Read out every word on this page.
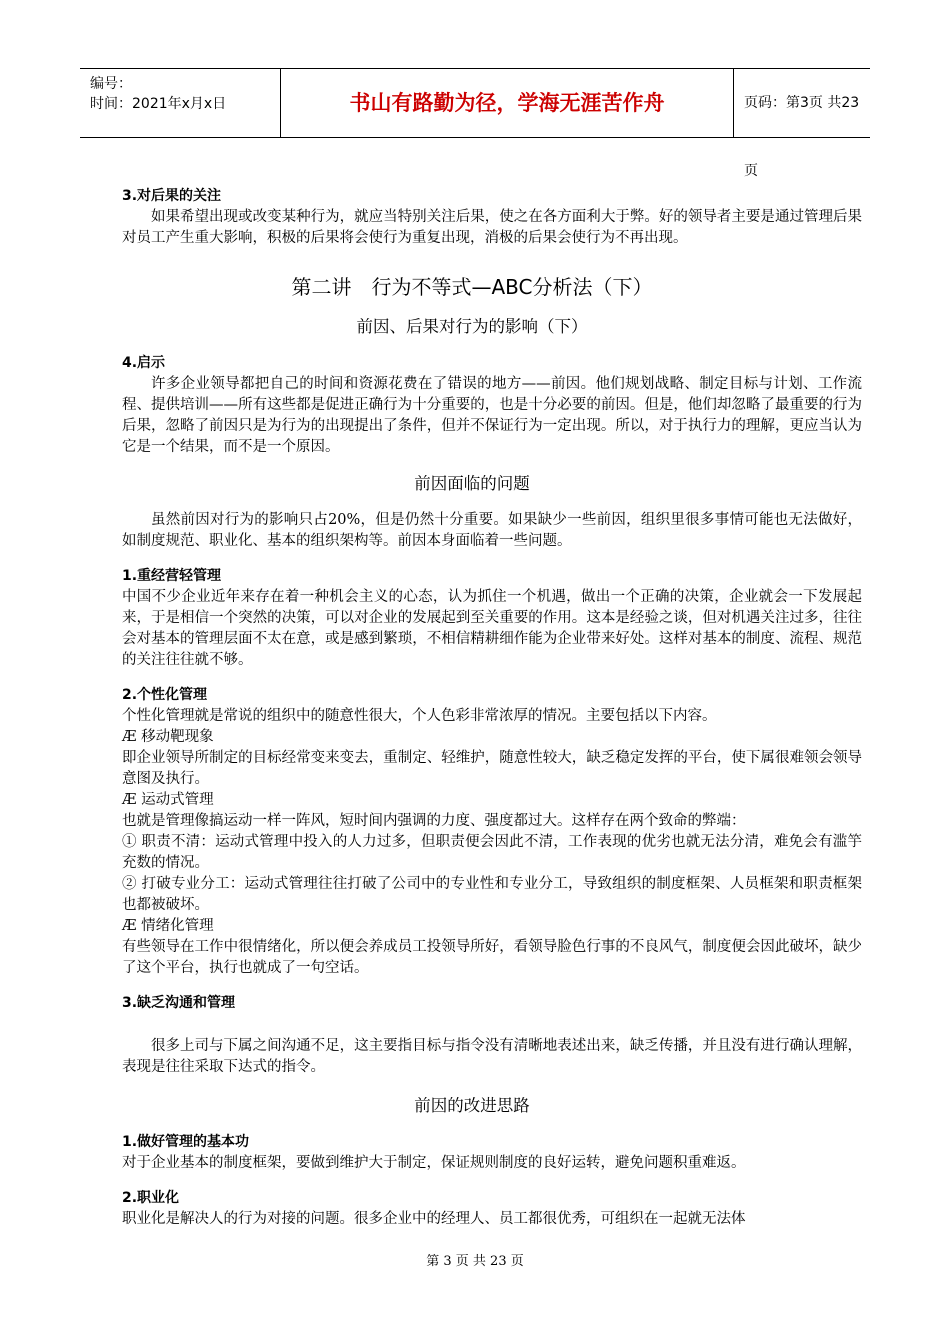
编号：
时间：2021年x月x日	书山有路勤为径，学海无涯苦作舟	页码：第3页 共23页

3.对后果的关注

如果希望出现或改变某种行为，就应当特别关注后果，使之在各方面利大于弊。好的领导者主要是通过管理后果对员工产生重大影响，积极的后果将会使行为重复出现，消极的后果会使行为不再出现。

第二讲　行为不等式—ABC分析法（下）

前因、后果对行为的影响（下）

4.启示

许多企业领导都把自己的时间和资源花费在了错误的地方——前因。他们规划战略、制定目标与计划、工作流程、提供培训——所有这些都是促进正确行为十分重要的，也是十分必要的前因。但是，他们却忽略了最重要的行为后果，忽略了前因只是为行为的出现提出了条件，但并不保证行为一定出现。所以，对于执行力的理解，更应当认为它是一个结果，而不是一个原因。

前因面临的问题

虽然前因对行为的影响只占20%，但是仍然十分重要。如果缺少一些前因，组织里很多事情可能也无法做好，如制度规范、职业化、基本的组织架构等。前因本身面临着一些问题。

1.重经营轻管理

中国不少企业近年来存在着一种机会主义的心态，认为抓住一个机遇，做出一个正确的决策，企业就会一下发展起来，于是相信一个突然的决策，可以对企业的发展起到至关重要的作用。这本是经验之谈，但对机遇关注过多，往往会对基本的管理层面不太在意，或是感到繁琐，不相信精耕细作能为企业带来好处。这样对基本的制度、流程、规范的关注往往就不够。

2.个性化管理

个性化管理就是常说的组织中的随意性很大，个人色彩非常浓厚的情况。主要包括以下内容。

Æ 移动靶现象

即企业领导所制定的目标经常变来变去，重制定、轻维护，随意性较大，缺乏稳定发挥的平台，使下属很难领会领导意图及执行。

Æ 运动式管理

也就是管理像搞运动一样一阵风，短时间内强调的力度、强度都过大。这样存在两个致命的弊端：

① 职责不清：运动式管理中投入的人力过多，但职责便会因此不清，工作表现的优劣也就无法分清，难免会有滥竽充数的情况。

② 打破专业分工：运动式管理往往打破了公司中的专业性和专业分工，导致组织的制度框架、人员框架和职责框架也都被破坏。

Æ 情绪化管理

有些领导在工作中很情绪化，所以便会养成员工投领导所好，看领导脸色行事的不良风气，制度便会因此破坏，缺少了这个平台，执行也就成了一句空话。

3.缺乏沟通和管理

很多上司与下属之间沟通不足，这主要指目标与指令没有清晰地表述出来，缺乏传播，并且没有进行确认理解，表现是往往采取下达式的指令。

前因的改进思路

1.做好管理的基本功

对于企业基本的制度框架，要做到维护大于制定，保证规则制度的良好运转，避免问题积重难返。

2.职业化

职业化是解决人的行为对接的问题。很多企业中的经理人、员工都很优秀，可组织在一起就无法体

第 3 页 共 23 页
